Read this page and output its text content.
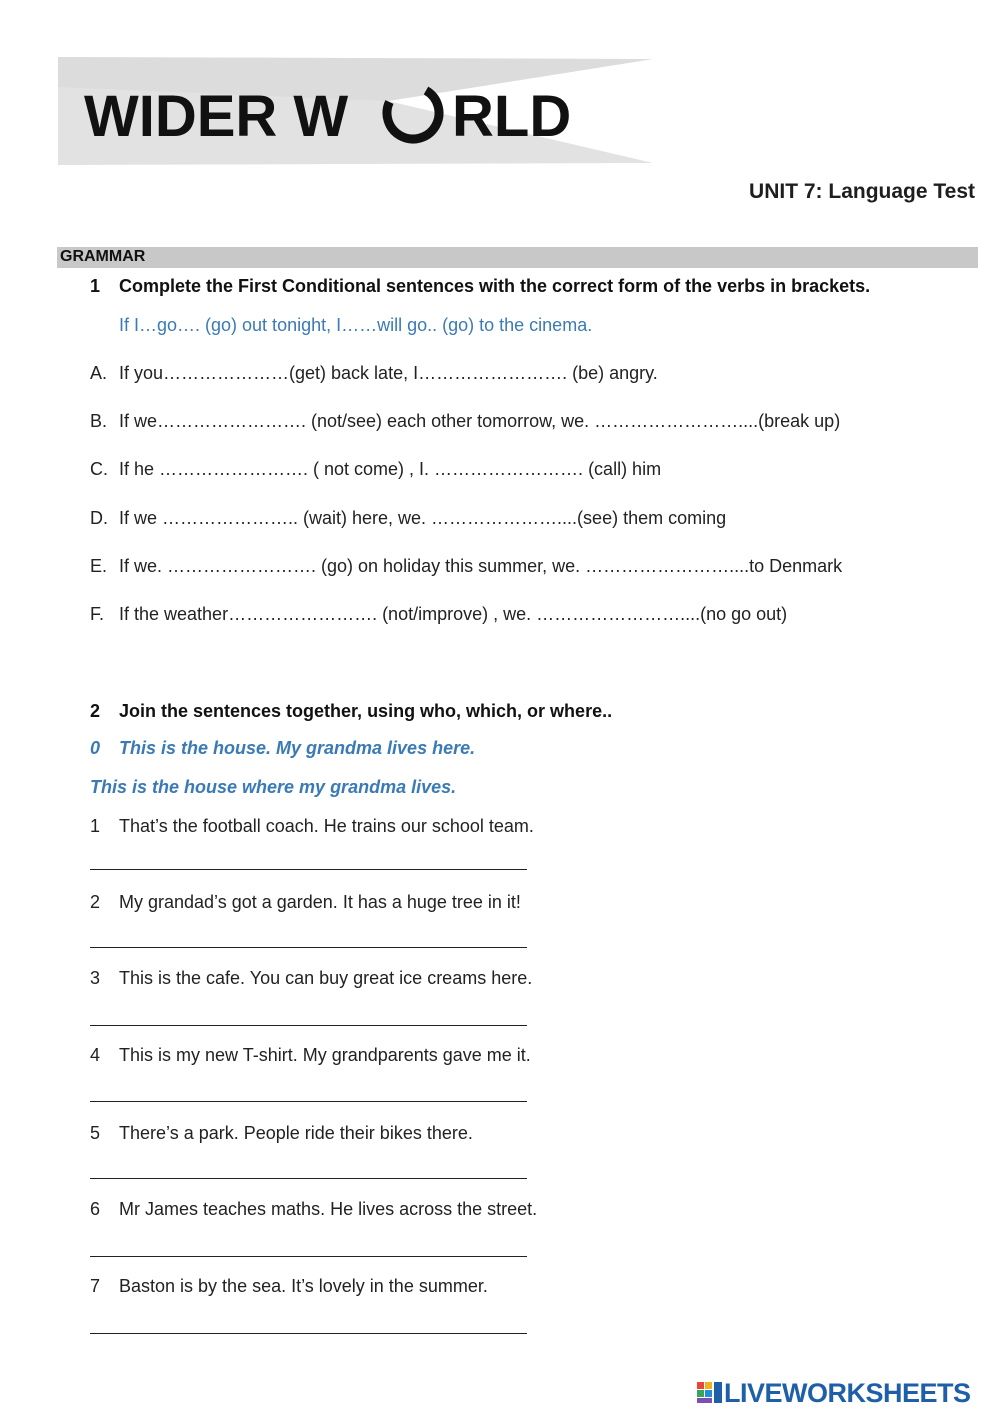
WIDER W RLD
UNIT 7: Language Test
GRAMMAR
1 Complete the First Conditional sentences with the correct form of the verbs in brackets.
If I…go…. (go) out tonight, I……will go.. (go) to the cinema.
A. If you…………………(get) back late, I……………………. (be) angry.
B. If we……………………. (not/see) each other tomorrow, we. ……………………....(break up)
C. If he ……………………. ( not come) , I. ……………………. (call) him
D. If we ………………….. (wait) here, we. …………………....(see) them coming
E. If we. ……………………. (go) on holiday this summer, we. ……………………....to Denmark
F. If the weather……………………. (not/improve) , we. ……………………....(no go out)
2 Join the sentences together, using who, which, or where..
0 This is the house. My grandma lives here.
This is the house where my grandma lives.
1 That’s the football coach. He trains our school team.
2 My grandad’s got a garden. It has a huge tree in it!
3 This is the cafe. You can buy great ice creams here.
4 This is my new T-shirt. My grandparents gave me it.
5 There’s a park. People ride their bikes there.
6 Mr James teaches maths. He lives across the street.
7 Baston is by the sea. It’s lovely in the summer.
LIVEWORKSHEETS
